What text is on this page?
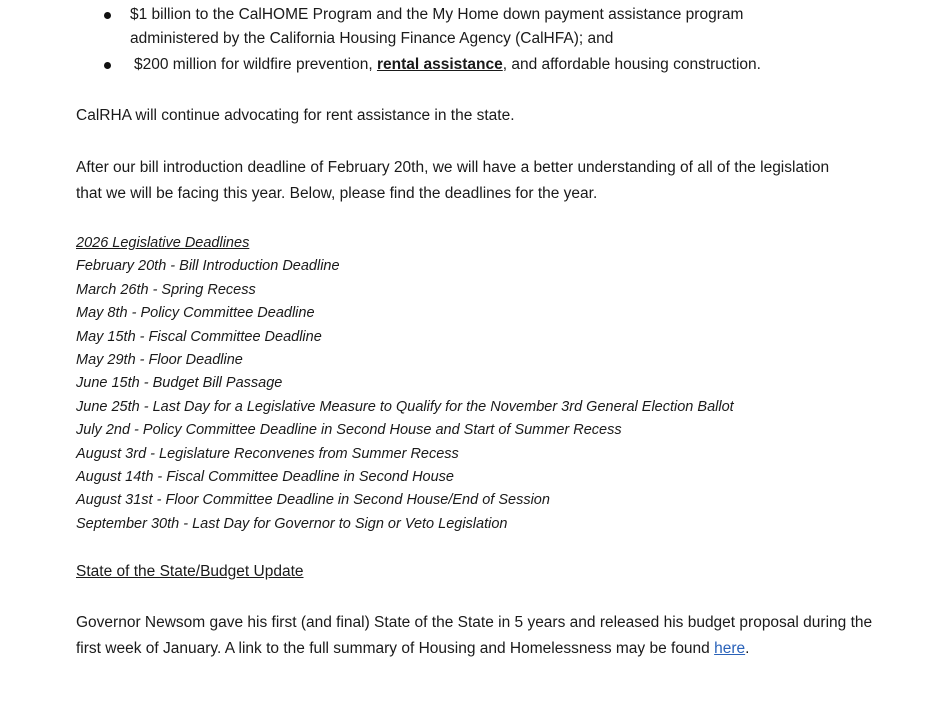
$1 billion to the CalHOME Program and the My Home down payment assistance program administered by the California Housing Finance Agency (CalHFA); and
$200 million for wildfire prevention, rental assistance, and affordable housing construction.

CalRHA will continue advocating for rent assistance in the state.

After our bill introduction deadline of February 20th, we will have a better understanding of all of the legislation that we will be facing this year. Below, please find the deadlines for the year.

2026 Legislative Deadlines
February 20th - Bill Introduction Deadline
March 26th - Spring Recess
May 8th - Policy Committee Deadline
May 15th - Fiscal Committee Deadline
May 29th - Floor Deadline
June 15th - Budget Bill Passage
June 25th - Last Day for a Legislative Measure to Qualify for the November 3rd General Election Ballot
July 2nd - Policy Committee Deadline in Second House and Start of Summer Recess
August 3rd - Legislature Reconvenes from Summer Recess
August 14th - Fiscal Committee Deadline in Second House
August 31st - Floor Committee Deadline in Second House/End of Session
September 30th - Last Day for Governor to Sign or Veto Legislation
State of the State/Budget Update

Governor Newsom gave his first (and final) State of the State in 5 years and released his budget proposal during the first week of January. A link to the full summary of Housing and Homelessness may be found here.
